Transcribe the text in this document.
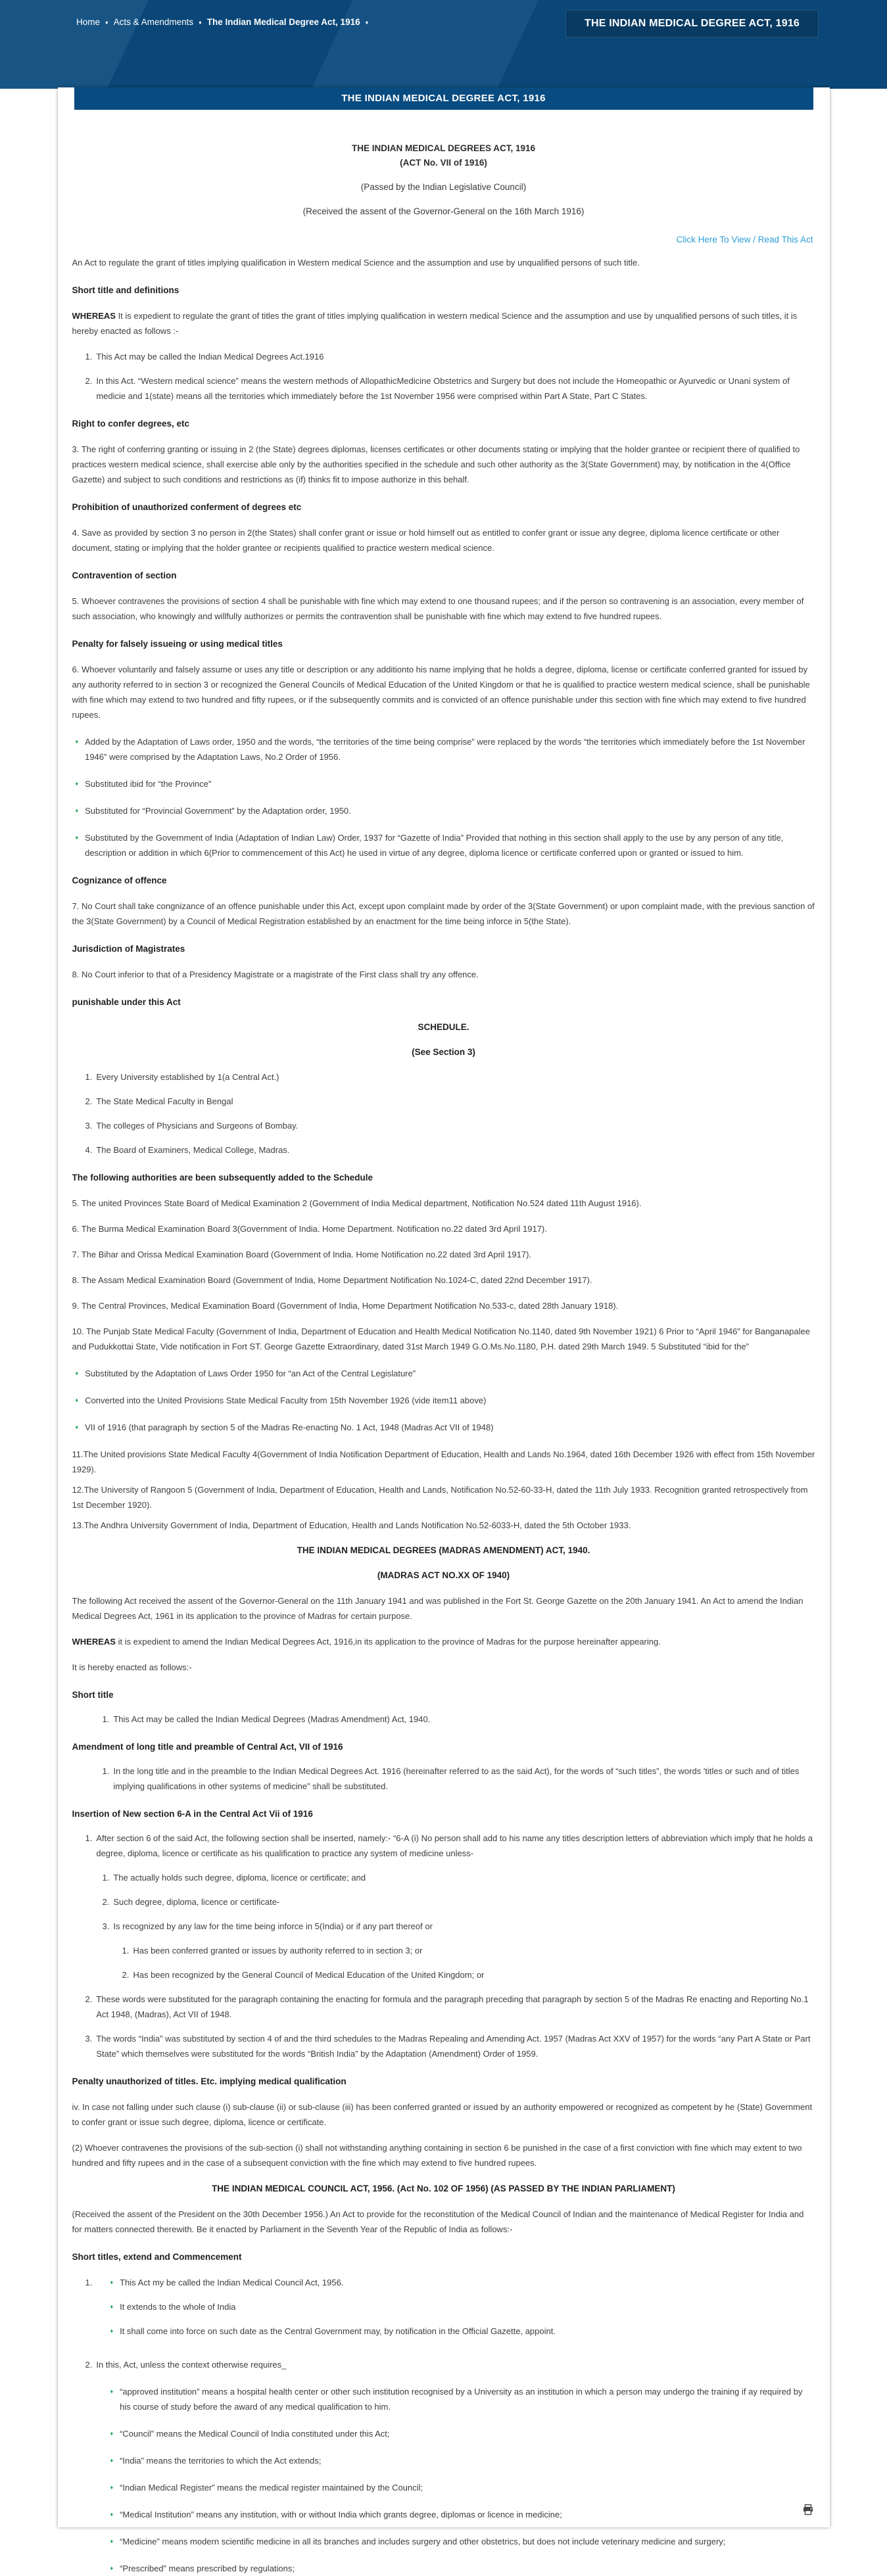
Home ♦ Acts & Amendments ♦ The Indian Medical Degree Act, 1916 ♦	THE INDIAN MEDICAL DEGREE ACT, 1916
THE INDIAN MEDICAL DEGREE ACT, 1916
THE INDIAN MEDICAL DEGREES ACT, 1916
(ACT No. VII of 1916)
(Passed by the Indian Legislative Council)
(Received the assent of the Governor-General on the 16th March 1916)
Click Here To View / Read This Act
An Act to regulate the grant of titles implying qualification in Western medical Science and the assumption and use by unqualified persons of such title.
Short title and definitions
WHEREAS It is expedient to regulate the grant of titles the grant of titles implying qualification in western medical Science and the assumption and use by unqualified persons of such titles, it is hereby enacted as follows :-
1. This Act may be called the Indian Medical Degrees Act.1916
2. In this Act. “Western medical science” means the western methods of AllopathicMedicine Obstetrics and Surgery but does not include the Homeopathic or Ayurvedic or Unani system of medicie and 1(state) means all the territories which immediately before the 1st November 1956 were comprised within Part A State, Part C States.
Right to confer degrees, etc
3. The right of conferring granting or issuing in 2 (the State) degrees diplomas, licenses certificates or other documents stating or implying that the holder grantee or recipient there of qualified to practices western medical science, shall exercise able only by the authorities specified in the schedule and such other authority as the 3(State Government) may, by notification in the 4(Office Gazette) and subject to such conditions and restrictions as (if) thinks fit to impose authorize in this behalf.
Prohibition of unauthorized conferment of degrees etc
4. Save as provided by section 3 no person in 2(the States) shall confer grant or issue or hold himself out as entitled to confer grant or issue any degree, diploma licence certificate or other document, stating or implying that the holder grantee or recipients qualified to practice western medical science.
Contravention of section
5. Whoever contravenes the provisions of section 4 shall be punishable with fine which may extend to one thousand rupees; and if the person so contravening is an association, every member of such association, who knowingly and willfully authorizes or permits the contravention shall be punishable with fine which may extend to five hundred rupees.
Penalty for falsely issueing or using medical titles
6. Whoever voluntarily and falsely assume or uses any title or description or any additionto his name implying that he holds a degree, diploma, license or certificate conferred granted for issued by any authority referred to in section 3 or recognized the General Councils of Medical Education of the United Kingdom or that he is qualified to practice western medical science, shall be punishable with fine which may extend to two hundred and fifty rupees, or if the subsequently commits and is convicted of an offence punishable under this section with fine which may extend to five hundred rupees.
♦ Added by the Adaptation of Laws order, 1950 and the words, “the territories of the time being comprise” were replaced by the words “the territories which immediately before the 1st November 1946” were comprised by the Adaptation Laws, No.2 Order of 1956.
♦ Substituted ibid for “the Province”
♦ Substituted for “Provincial Government” by the Adaptation order, 1950.
♦ Substituted by the Government of India (Adaptation of Indian Law) Order, 1937 for “Gazette of India” Provided that nothing in this section shall apply to the use by any person of any title, description or addition in which 6(Prior to commencement of this Act) he used in virtue of any degree, diploma licence or certificate conferred upon or granted or issued to him.
Cognizance of offence
7. No Court shall take congnizance of an offence punishable under this Act, except upon complaint made by order of the 3(State Government) or upon complaint made, with the previous sanction of the 3(State Government) by a Council of Medical Registration established by an enactment for the time being inforce in 5(the State).
Jurisdiction of Magistrates
8. No Court inferior to that of a Presidency Magistrate or a magistrate of the First class shall try any offence.
punishable under this Act
SCHEDULE.
(See Section 3)
1. Every University established by 1(a Central Act.)
2. The State Medical Faculty in Bengal
3. The colleges of Physicians and Surgeons of Bombay.
4. The Board of Examiners, Medical College, Madras.
The following authorities are been subsequently added to the Schedule
5. The united Provinces State Board of Medical Examination 2 (Government of India Medical department, Notification No.524 dated 11th August 1916).
6. The Burma Medical Examination Board 3(Government of India. Home Department. Notification no.22 dated 3rd April 1917).
7. The Bihar and Orissa Medical Examination Board (Government of India. Home Notification no.22 dated 3rd April 1917).
8. The Assam Medical Examination Board (Government of India, Home Department Notification No.1024-C, dated 22nd December 1917).
9. The Central Provinces, Medical Examination Board (Government of India, Home Department Notification No.533-c, dated 28th January 1918).
10. The Punjab State Medical Faculty (Government of India, Department of Education and Health Medical Notification No.1140, dated 9th November 1921) 6 Prior to “April 1946” for Banganapalee and Pudukkottai State, Vide notification in Fort ST. George Gazette Extraordinary, dated 31st March 1949 G.O.Ms.No.1180, P.H. dated 29th March 1949. 5 Substituted “ibid for the”
♦ Substituted by the Adaptation of Laws Order 1950 for “an Act of the Central Legislature”
♦ Converted into the United Provisions State Medical Faculty from 15th November 1926 (vide item11 above)
♦ VII of 1916 (that paragraph by section 5 of the Madras Re-enacting No. 1 Act, 1948 (Madras Act VII of 1948)
11.The United provisions State Medical Faculty 4(Government of India Notification Department of Education, Health and Lands No.1964, dated 16th December 1926 with effect from 15th November 1929).
12.The University of Rangoon 5 (Government of India, Department of Education, Health and Lands, Notification No.52-60-33-H, dated the 11th July 1933. Recognition granted retrospectively from 1st December 1920).
13.The Andhra University Government of India, Department of Education, Health and Lands Notification No.52-6033-H, dated the 5th October 1933.
THE INDIAN MEDICAL DEGREES (MADRAS AMENDMENT) ACT, 1940.
(MADRAS ACT NO.XX OF 1940)
The following Act received the assent of the Governor-General on the 11th January 1941 and was published in the Fort St. George Gazette on the 20th January 1941. An Act to amend the Indian Medical Degrees Act, 1961 in its application to the province of Madras for certain purpose.
WHEREAS it is expedient to amend the Indian Medical Degrees Act, 1916,in its application to the province of Madras for the purpose hereinafter appearing.
It is hereby enacted as follows:-
Short title
1. This Act may be called the Indian Medical Degrees (Madras Amendment) Act, 1940.
Amendment of long title and preamble of Central Act, VII of 1916
1. In the long title and in the preamble to the Indian Medical Degrees Act. 1916 (hereinafter referred to as the said Act), for the words of “such titles”, the words 'titles or such and of titles implying qualifications in other systems of medicine” shall be substituted.
Insertion of New section 6-A in the Central Act Vii of 1916
1. After section 6 of the said Act, the following section shall be inserted, namely:- “6-A (i) No person shall add to his name any titles description letters of abbreviation which imply that he holds a degree, diploma, licence or certificate as his qualification to practice any system of medicine unless-
1. The actually holds such degree, diploma, licence or certificate; and
2. Such degree, diploma, licence or certificate-
3. Is recognized by any law for the time being inforce in 5(India) or if any part thereof or
1. Has been conferred granted or issues by authority referred to in section 3; or
2. Has been recognized by the General Council of Medical Education of the United Kingdom; or
2. These words were substituted for the paragraph containing the enacting for formula and the paragraph preceding that paragraph by section 5 of the Madras Re enacting and Reporting No.1 Act 1948, (Madras), Act VII of 1948.
3. The words “India” was substituted by section 4 of and the third schedules to the Madras Repealing and Amending Act. 1957 (Madras Act XXV of 1957) for the words “any Part A State or Part State” which themselves were substituted for the words “British India” by the Adaptation (Amendment) Order of 1959.
Penalty unauthorized of titles. Etc. implying medical qualification
iv. In case not falling under such clause (i) sub-clause (ii) or sub-clause (iii) has been conferred granted or issued by an authority empowered or recognized as competent by he (State) Government to confer grant or issue such degree, diploma, licence or certificate.
(2) Whoever contravenes the provisions of the sub-section (i) shall not withstanding anything containing in section 6 be punished in the case of a first conviction with fine which may extent to two hundred and fifty rupees and in the case of a subsequent conviction with the fine which may extend to five hundred rupees.
THE INDIAN MEDICAL COUNCIL ACT, 1956. (Act No. 102 OF 1956) (AS PASSED BY THE INDIAN PARLIAMENT)
(Received the assent of the President on the 30th December 1956.) An Act to provide for the reconstitution of the Medical Council of Indian and the maintenance of Medical Register for India and for matters connected therewith. Be it enacted by Parliament in the Seventh Year of the Republic of India as follows:-
Short titles, extend and Commencement
1.	♦ This Act my be called the Indian Medical Council Act, 1956.
♦ It extends to the whole of India
♦ It shall come into force on such date as the Central Government may, by notification in the Official Gazette, appoint.
2. In this, Act, unless the context otherwise requires_
♦ “approved institution” means a hospital health center or other such institution recognised by a University as an institution in which a person may undergo the training if ay required by his course of study before the award of any medical qualification to him.
♦ “Council” means the Medical Council of India constituted under this Act;
♦ “India” means the territories to which the Act extends;
♦ “Indian Medical Register” means the medical register maintained by the Council;
♦ “Medical Institution” means any institution, with or without India which grants degree, diplomas or licence in medicine;
♦ “Medicine” means modern scientific medicine in all its branches and includes surgery and other obstetrics, but does not include veterinary medicine and surgery;
♦ “Prescribed” means prescribed by regulations;
